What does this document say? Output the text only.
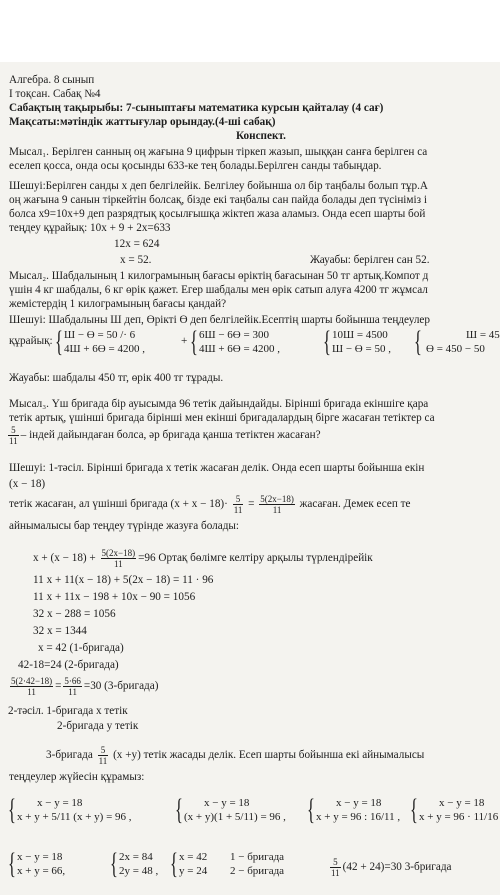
Алгебра. 8 сынып
I тоқсан. Сабақ №4
Сабақтың тақырыбы: 7-сыныптағы математика курсын қайталау (4 сағ)
Мақсаты:мәтіндік жаттығулар орындау.(4-ші сабақ)
Конспект.
Мысал₁. Берілген санның оң жағына 9 цифрын тіркеп жазып, шыққан санға берілген са
еселеп қосса, онда осы қосынды 633-ке тең болады.Берілген санды табыңдар.
Шешуі:Берілген санды x деп белгілейік. Белгілеу бойынша ол бір таңбалы болып тұр.А
оң жағына 9 санын тіркейтін болсақ, бізде екі таңбалы сан пайда болады деп түсініміз і
болса x9=10x+9 деп разрядтық қосылғышқа жіктеп жаза аламыз. Онда есеп шарты бой
теңдеу құрайық: 10x + 9 + 2x=633
12x = 624
x = 52.	Жауабы: берілген сан 52.
Мысал₂. Шабдалының 1 килограмының бағасы өріктің бағасынан 50 тг артық.Компот д
үшін 4 кг шабдалы, 6 кг өрік қажет. Егер шабдалы мен өрік сатып алуға 4200 тг жұмсал
жемістердің 1 килограмының бағасы қандай?
Шешуі: Шабдалыны Ш деп, Өрікті Ө деп белгілейік.Есептің шарты бойынша теңдеулер
құрайық: { Ш − Ө = 50 /· 6
4Ш + 6Ө = 4200 ,
+ { 6Ш − 6Ө = 300
4Ш + 6Ө = 4200 , { 10Ш = 4500
Ш − Ө = 50 , {	Ш = 45
Ө = 450 − 50
Жауабы: шабдалы 450 тг, өрік 400 тг тұрады.
Мысал₃. Үш бригада бір ауысымда 96 тетік дайындайды. Бірінші бригада екіншіге қара
тетік артық, үшінші бригада бірінші мен екінші бригадалардың бірге жасаған тетіктер са
$\frac{5}{11}$ – індей дайындаған болса, әр бригада қанша тетіктен жасаған?
Шешуі: 1-тәсіл. Бірінші бригада x тетік жасаған делік. Онда есеп шарты бойынша екін
(x − 18)
тетік жасаған, ал үшінші бригада $(x + x - 18)\cdot \frac{5}{11} = \frac{5(2x-18)}{11}$ жасаған. Демек есеп те
айнымалысы бар теңдеу түрінде жазуға болады:
$x + (x - 18) + \frac{5(2x-18)}{11} =96$ Ортақ бөлімге келтіру арқылы түрлендірейік
11 x + 11(x − 18) + 5(2x − 18) = 11 · 96
11 x + 11x − 198 + 10x − 90 = 1056
32 x − 288 = 1056
32 x = 1344
x = 42 (1-бригада)
42-18=24 (2-бригада)
$\frac{5(2\cdot 42-18)}{11} = \frac{5\cdot 66}{11} =30$ (3-бригада)
2-тәсіл. 1-бригада x тетік
2-бригада y тетік
3-бригада $\frac{5}{11} (x +y)$ тетік жасады делік. Есеп шарты бойынша екі айнымалысы
теңдеулер жүйесін құрамыз:
{	x − y = 18
x + y + 5/11 (x + y) = 96 , {	x − y = 18
(x + y)(1 + 5/11) = 96 , {	x − y = 18
x + y = 96 : 16/11 , {	x − y = 18
x + y = 96 · 11/16
{ x − y = 18
x + y = 66, { 2x = 84
2y = 48 , { x = 42
y = 24
1 − бригада
2 − бригада	$\frac{5}{11} (42 + 24)=30$ 3-бригада
